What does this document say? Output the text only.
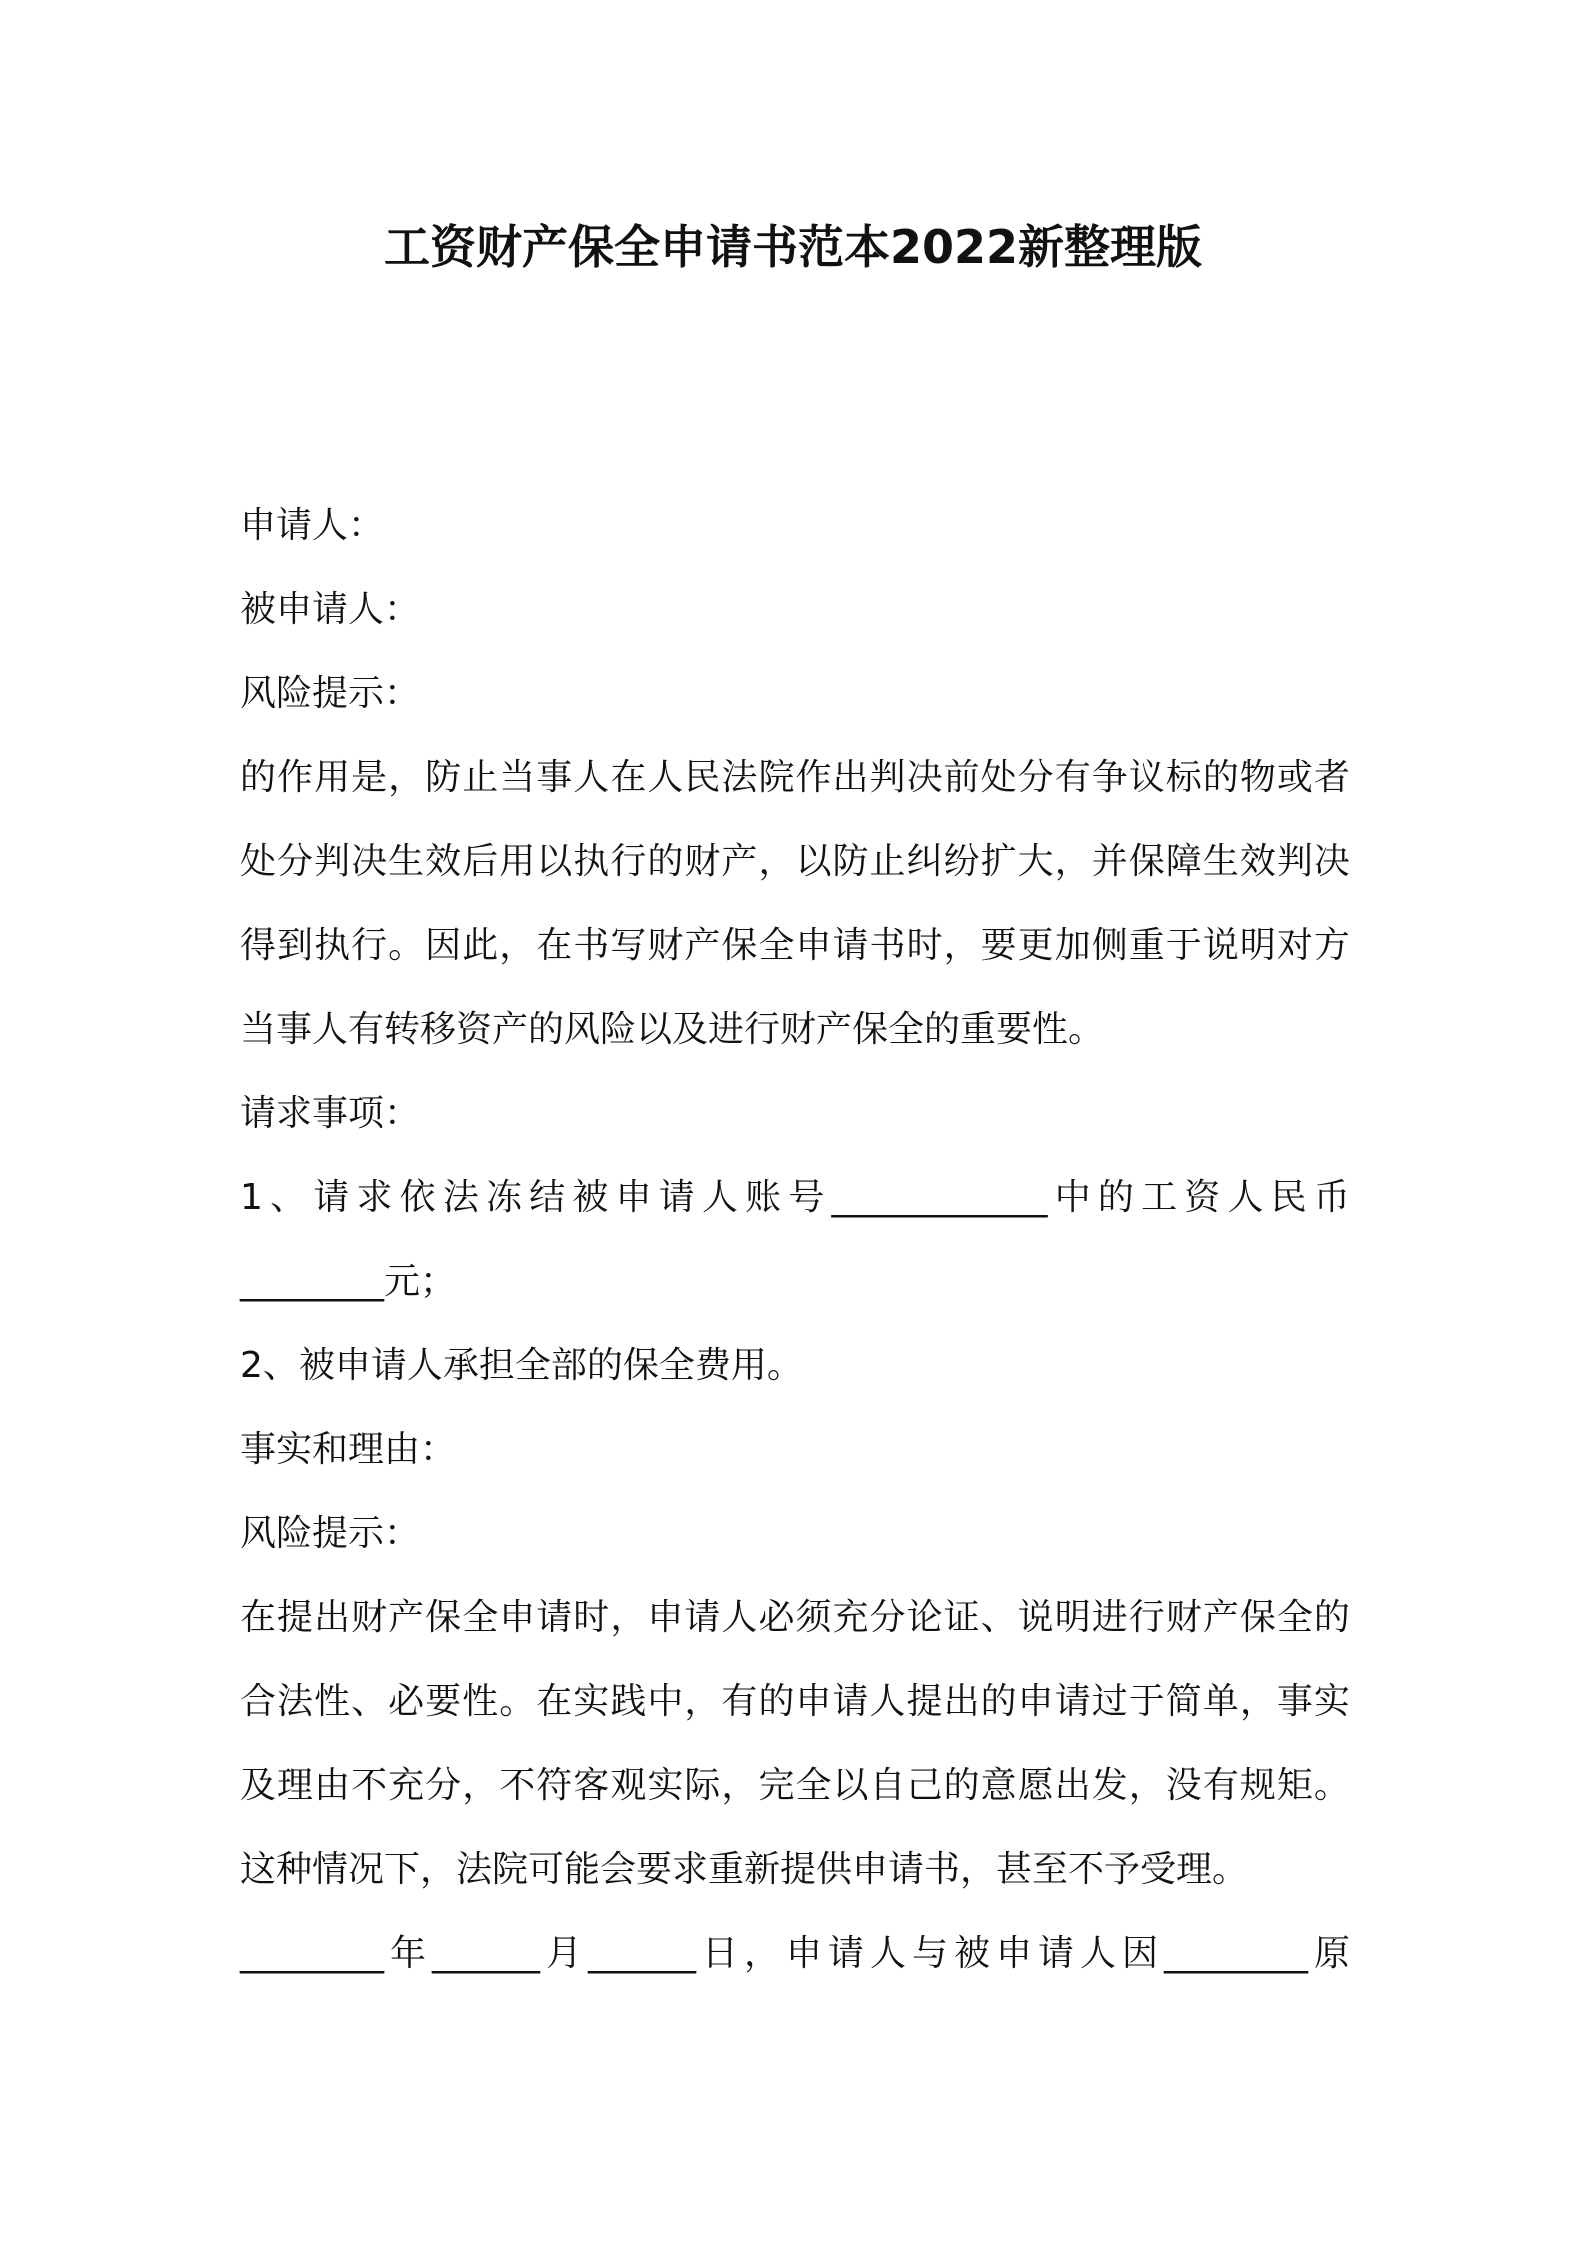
工资财产保全申请书范本2022新整理版
申请人：
被申请人：
风险提示：
的 作 用 是 ， 防 止 当 事 人 在 人 民 法 院 作 出 判 决 前 处 分 有 争 议 标 的 物 或 者
处 分 判 决 生 效 后 用 以 执 行 的 财 产 ， 以 防 止 纠 纷 扩 大 ， 并 保 障 生 效 判 决
得 到 执 行 。 因 此 ， 在 书 写 财 产 保 全 申 请 书 时 ， 要 更 加 侧 重 于 说 明 对 方
当事人有转移资产的风险以及进行财产保全的重要性。
请求事项：
1 、 请 求 依 法 冻 结 被 申 请 人 账 号 ____________ 中 的 工 资 人 民 币
________元；
2、被申请人承担全部的保全费用。
事实和理由：
风险提示：
在 提 出 财 产 保 全 申 请 时 ， 申 请 人 必 须 充 分 论 证 、 说 明 进 行 财 产 保 全 的
合 法 性 、 必 要 性 。 在 实 践 中 ， 有 的 申 请 人 提 出 的 申 请 过 于 简 单 ， 事 实
及 理 由 不 充 分 ， 不 符 客 观 实 际 ， 完 全 以 自 己 的 意 愿 出 发 ， 没 有 规 矩 。
这种情况下，法院可能会要求重新提供申请书，甚至不予受理。
________ 年 ______ 月 ______ 日 ， 申 请 人 与 被 申 请 人 因 ________ 原
